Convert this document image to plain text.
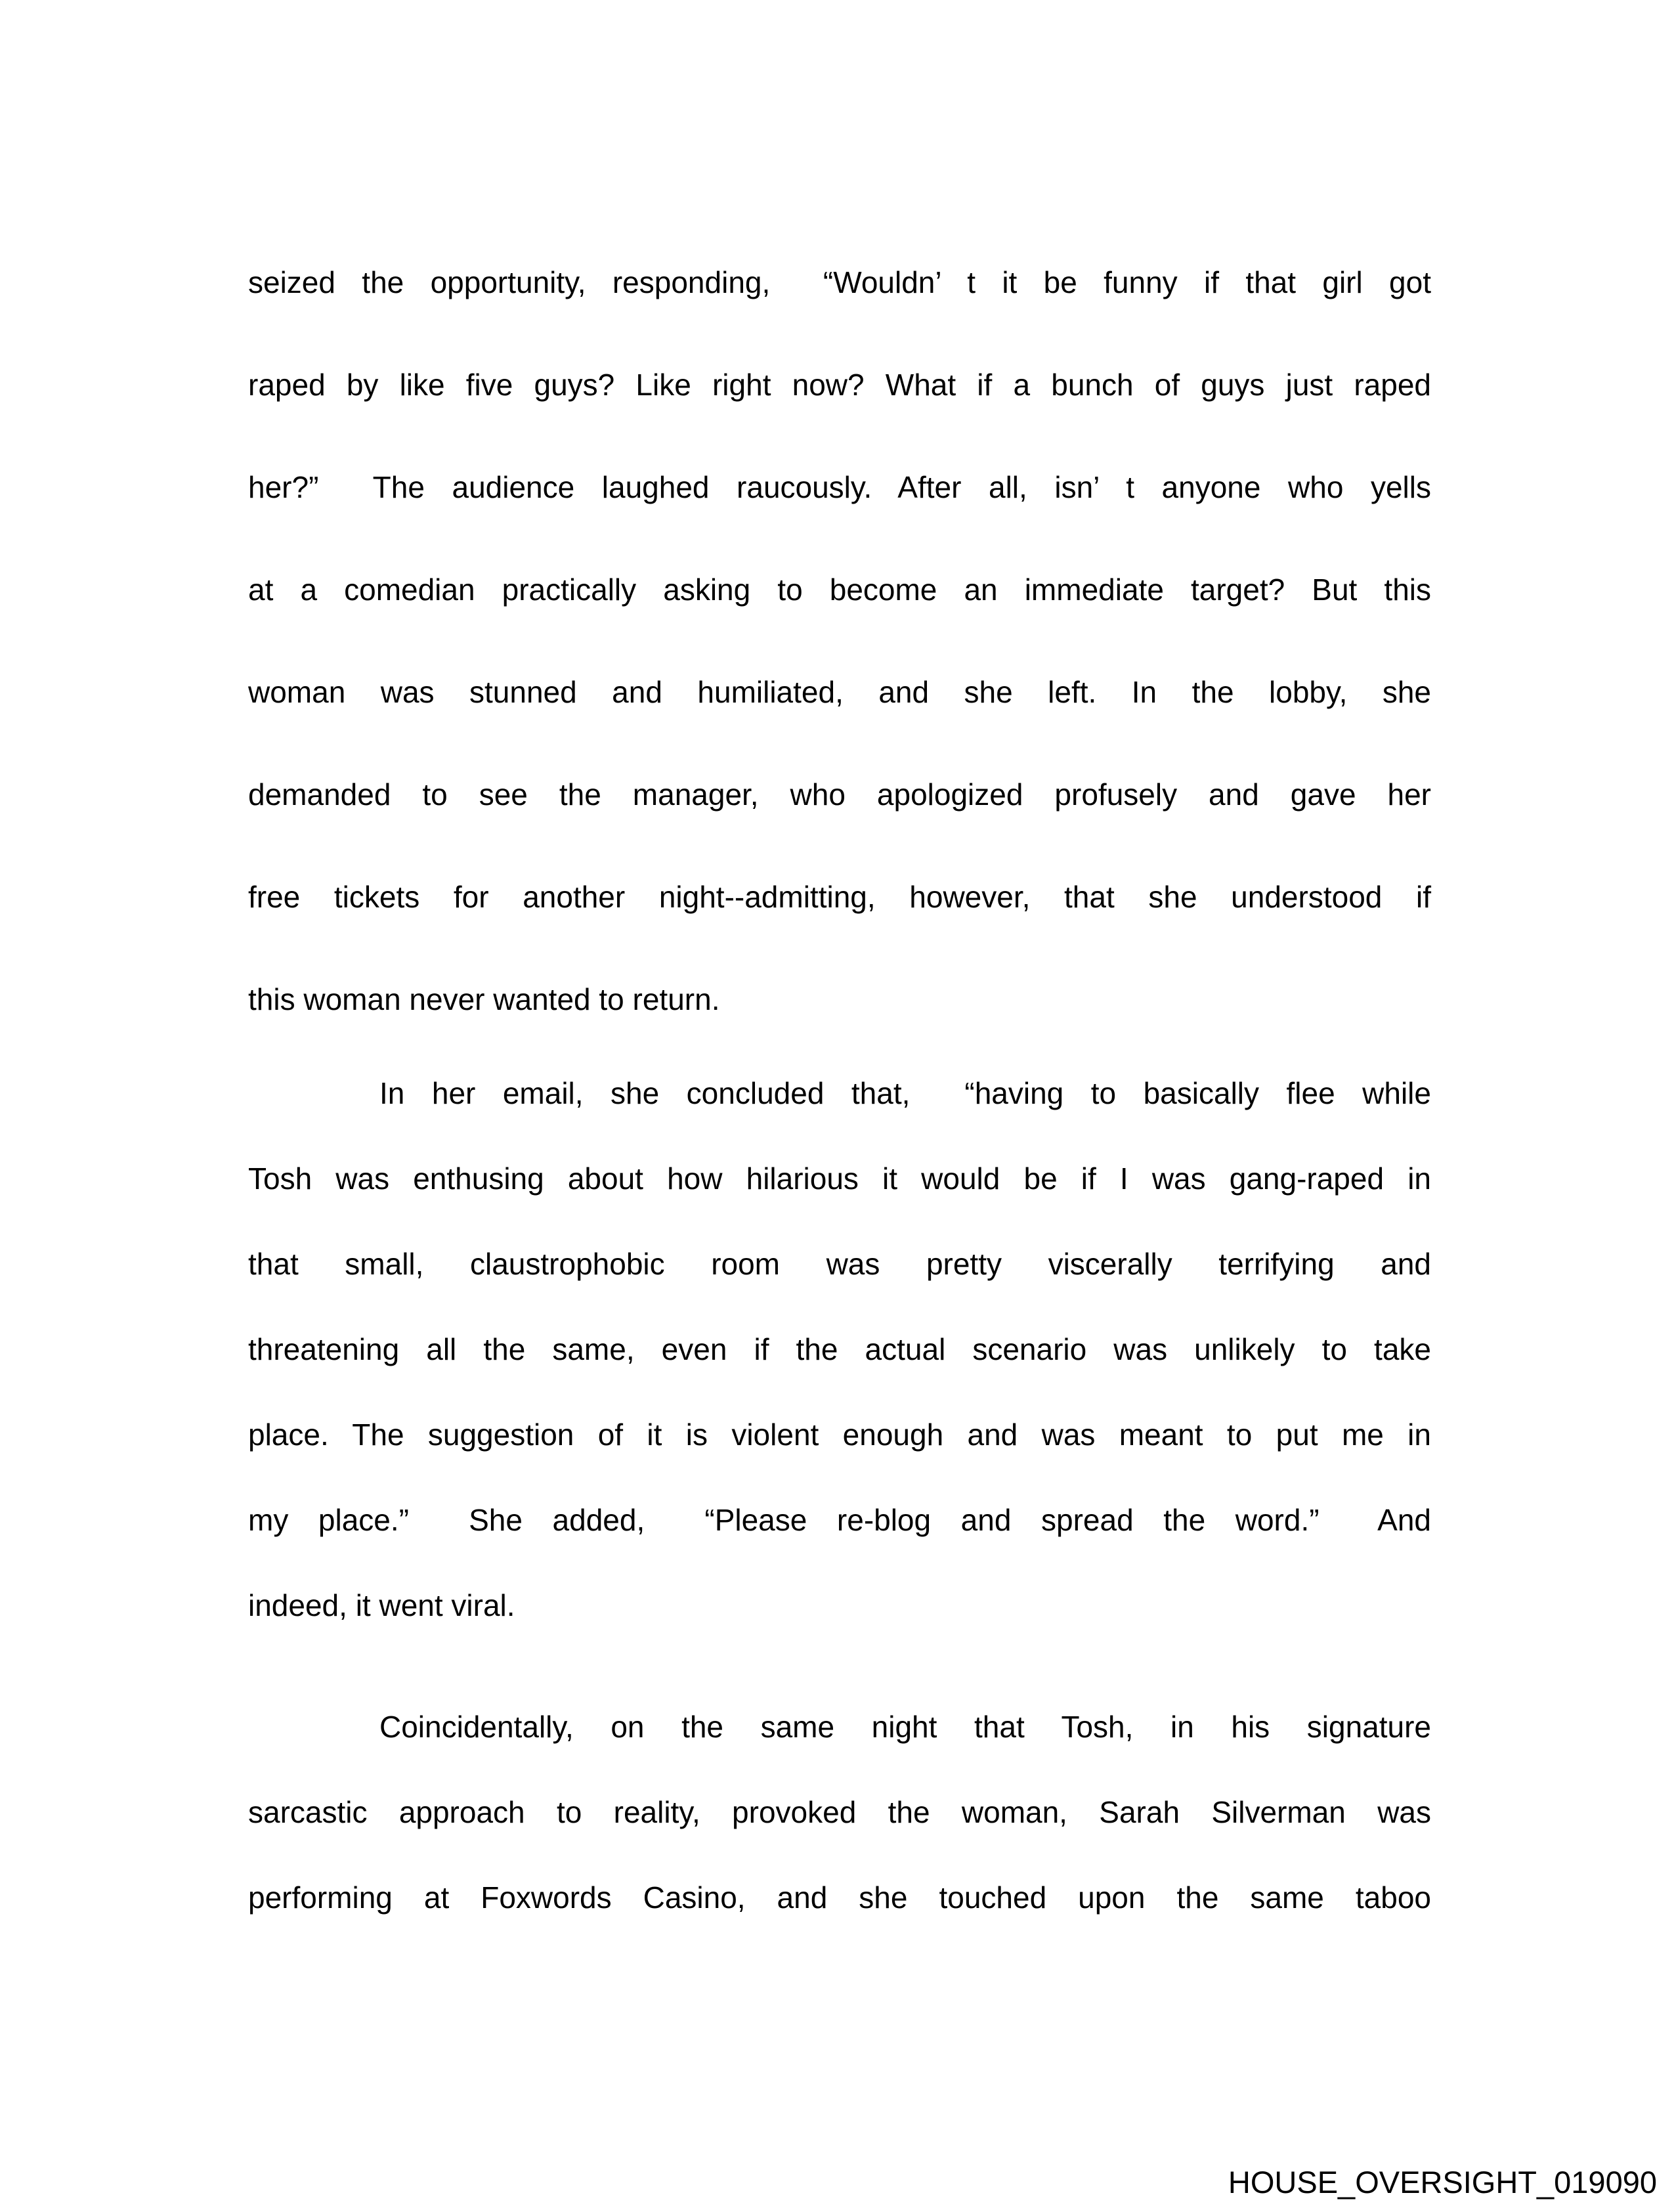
seized the opportunity, responding,  “Wouldn’ t it be funny if that girl got
raped by like five guys? Like right now? What if a bunch of guys just raped
her?”  The audience laughed raucously. After all, isn’ t anyone who yells
at a comedian practically asking to become an immediate target? But this
woman was stunned and humiliated, and she left. In the lobby, she
demanded to see the manager, who apologized profusely and gave her
free tickets for another night--admitting, however, that she understood if
this woman never wanted to return.
In her email, she concluded that,  “having to basically flee while
Tosh was enthusing about how hilarious it would be if I was gang-raped in
that small, claustrophobic room was pretty viscerally terrifying and
threatening all the same, even if the actual scenario was unlikely to take
place. The suggestion of it is violent enough and was meant to put me in
my place.”  She added,  “Please re-blog and spread the word.”  And
indeed, it went viral.
Coincidentally, on the same night that Tosh, in his signature
sarcastic approach to reality, provoked the woman, Sarah Silverman was
performing at Foxwords Casino, and she touched upon the same taboo
HOUSE_OVERSIGHT_019090
